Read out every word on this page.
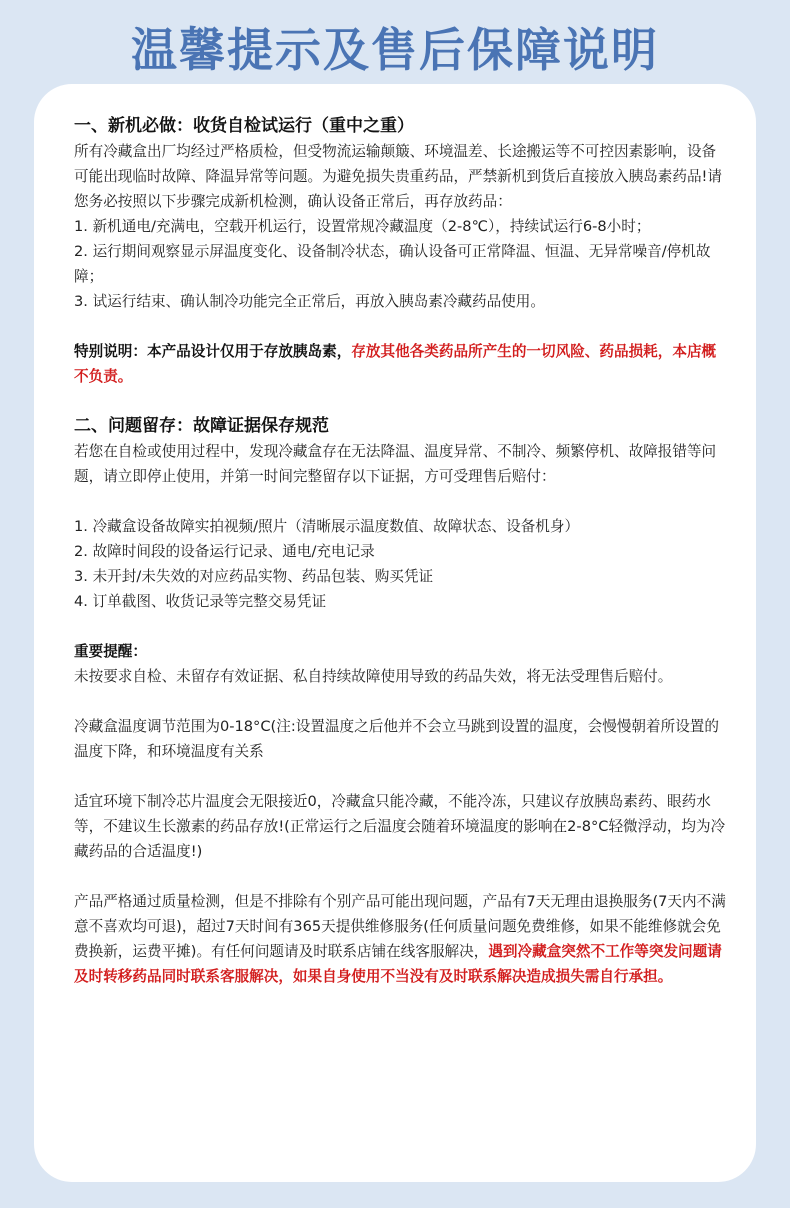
温馨提示及售后保障说明

一、新机必做：收货自检试运行（重中之重）

所有冷藏盒出厂均经过严格质检，但受物流运输颠簸、环境温差、长途搬运等不可控因素影响，设备可能出现临时故障、降温异常等问题。为避免损失贵重药品，严禁新机到货后直接放入胰岛素药品!请您务必按照以下步骤完成新机检测，确认设备正常后，再存放药品：

1. 新机通电/充满电，空载开机运行，设置常规冷藏温度（2-8℃），持续试运行6-8小时；

2. 运行期间观察显示屏温度变化、设备制冷状态，确认设备可正常降温、恒温、无异常噪音/停机故障；

3. 试运行结束、确认制冷功能完全正常后，再放入胰岛素冷藏药品使用。

特别说明：本产品设计仅用于存放胰岛素，存放其他各类药品所产生的一切风险、药品损耗，本店概不负责。

二、问题留存：故障证据保存规范

若您在自检或使用过程中，发现冷藏盒存在无法降温、温度异常、不制冷、频繁停机、故障报错等问题，请立即停止使用，并第一时间完整留存以下证据，方可受理售后赔付：

1. 冷藏盒设备故障实拍视频/照片（清晰展示温度数值、故障状态、设备机身）

2. 故障时间段的设备运行记录、通电/充电记录

3. 未开封/未失效的对应药品实物、药品包装、购买凭证

4. 订单截图、收货记录等完整交易凭证

重要提醒：

未按要求自检、未留存有效证据、私自持续故障使用导致的药品失效，将无法受理售后赔付。

冷藏盒温度调节范围为0-18°C(注:设置温度之后他并不会立马跳到设置的温度，会慢慢朝着所设置的温度下降，和环境温度有关系

适宜环境下制冷芯片温度会无限接近0，冷藏盒只能冷藏，不能冷冻，只建议存放胰岛素药、眼药水等，不建议生长激素的药品存放!(正常运行之后温度会随着环境温度的影响在2-8°C轻微浮动，均为冷藏药品的合适温度!)

产品严格通过质量检测，但是不排除有个别产品可能出现问题，产品有7天无理由退换服务(7天内不满意不喜欢均可退)，超过7天时间有365天提供维修服务(任何质量问题免费维修，如果不能维修就会免费换新，运费平摊)。有任何问题请及时联系店铺在线客服解决，遇到冷藏盒突然不工作等突发问题请及时转移药品同时联系客服解决，如果自身使用不当没有及时联系解决造成损失需自行承担。
